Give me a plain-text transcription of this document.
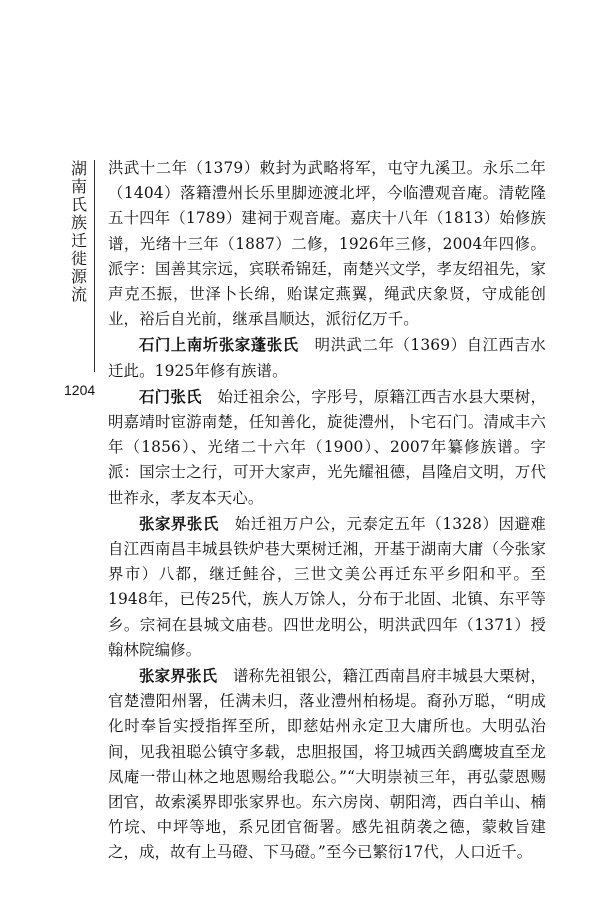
湖南氏族迁徙源流
1204

洪武十二年（1379）敕封为武略将军，屯守九溪卫。永乐二年（1404）落籍澧州长乐里脚迹渡北坪，今临澧观音庵。清乾隆五十四年（1789）建祠于观音庵。嘉庆十八年（1813）始修族谱，光绪十三年（1887）二修，1926年三修，2004年四修。派字：国善其宗远，宾联希锦廷，南楚兴文学，孝友绍祖先，家声克丕振，世泽卜长绵，贻谋定燕翼，绳武庆象贤，守成能创业，裕后自光前，继承昌顺达，派衍亿万千。

石门上南圻张家蓬张氏　 明洪武二年（1369）自江西吉水迁此。1925年修有族谱。

石门张氏　 始迁祖余公，字彤号，原籍江西吉水县大栗树，明嘉靖时宦游南楚，任知善化，旋徙澧州，卜宅石门。清咸丰六年（1856）、光绪二十六年（1900）、2007年纂修族谱。字派：国宗士之行，可开大家声，光先耀祖德，昌隆启文明，万代世祚永，孝友本天心。

张家界张氏　 始迁祖万户公，元泰定五年（1328）因避难自江西南昌丰城县铁炉巷大栗树迁湘，开基于湖南大庸（今张家界市）八都，继迁鲑谷，三世文美公再迁东平乡阳和平。至1948年，已传25代，族人万馀人，分布于北固、北镇、东平等乡。宗祠在县城文庙巷。四世龙明公，明洪武四年（1371）授翰林院编修。

张家界张氏　 谱称先祖银公，籍江西南昌府丰城县大栗树，官楚澧阳州署，任满未归，落业澧州柏杨堤。裔孙万聪，“明成化时奉旨实授指挥至所，即慈姑州永定卫大庸所也。大明弘治间，见我祖聪公镇守多载，忠胆报国，将卫城西关鹞鹰坡直至龙凤庵一带山林之地恩赐给我聪公。”“大明崇祯三年，再弘蒙恩赐团官，故索溪界即张家界也。东六房岗、朝阳湾，西白羊山、楠竹垸、中坪等地，系兄团官衙署。感先祖荫袭之德，蒙敕旨建之，成，故有上马磴、下马磴。”至今已繁衍17代，人口近千。
